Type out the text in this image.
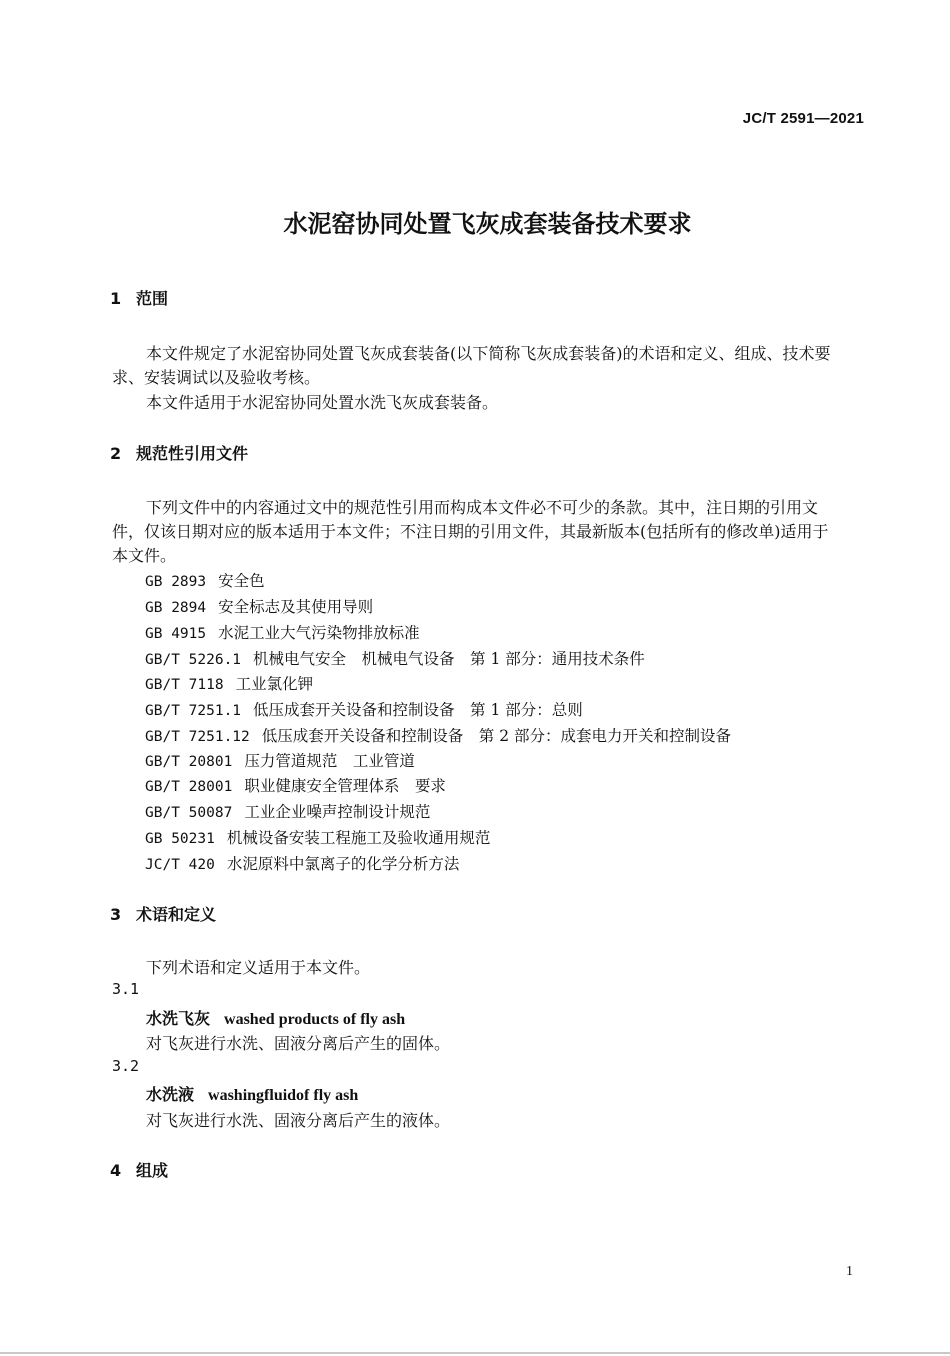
JC/T 2591—2021
水泥窑协同处置飞灰成套装备技术要求
1 范围
本文件规定了水泥窑协同处置飞灰成套装备(以下简称飞灰成套装备)的术语和定义、组成、技术要
求、安装调试以及验收考核。
本文件适用于水泥窑协同处置水洗飞灰成套装备。
2 规范性引用文件
下列文件中的内容通过文中的规范性引用而构成本文件必不可少的条款。其中，注日期的引用文
件，仅该日期对应的版本适用于本文件；不注日期的引用文件，其最新版本(包括所有的修改单)适用于
本文件。
GB 2893 安全色
GB 2894 安全标志及其使用导则
GB 4915 水泥工业大气污染物排放标准
GB/T 5226.1 机械电气安全　机械电气设备　第 1 部分：通用技术条件
GB/T 7118 工业氯化钾
GB/T 7251.1 低压成套开关设备和控制设备　第 1 部分：总则
GB/T 7251.12 低压成套开关设备和控制设备　第 2 部分：成套电力开关和控制设备
GB/T 20801 压力管道规范　工业管道
GB/T 28001 职业健康安全管理体系　要求
GB/T 50087 工业企业噪声控制设计规范
GB 50231 机械设备安装工程施工及验收通用规范
JC/T 420 水泥原料中氯离子的化学分析方法
3 术语和定义
下列术语和定义适用于本文件。
3.1
水洗飞灰 washed products of fly ash
对飞灰进行水洗、固液分离后产生的固体。
3.2
水洗液 washingfluidof fly ash
对飞灰进行水洗、固液分离后产生的液体。
4 组成
1
